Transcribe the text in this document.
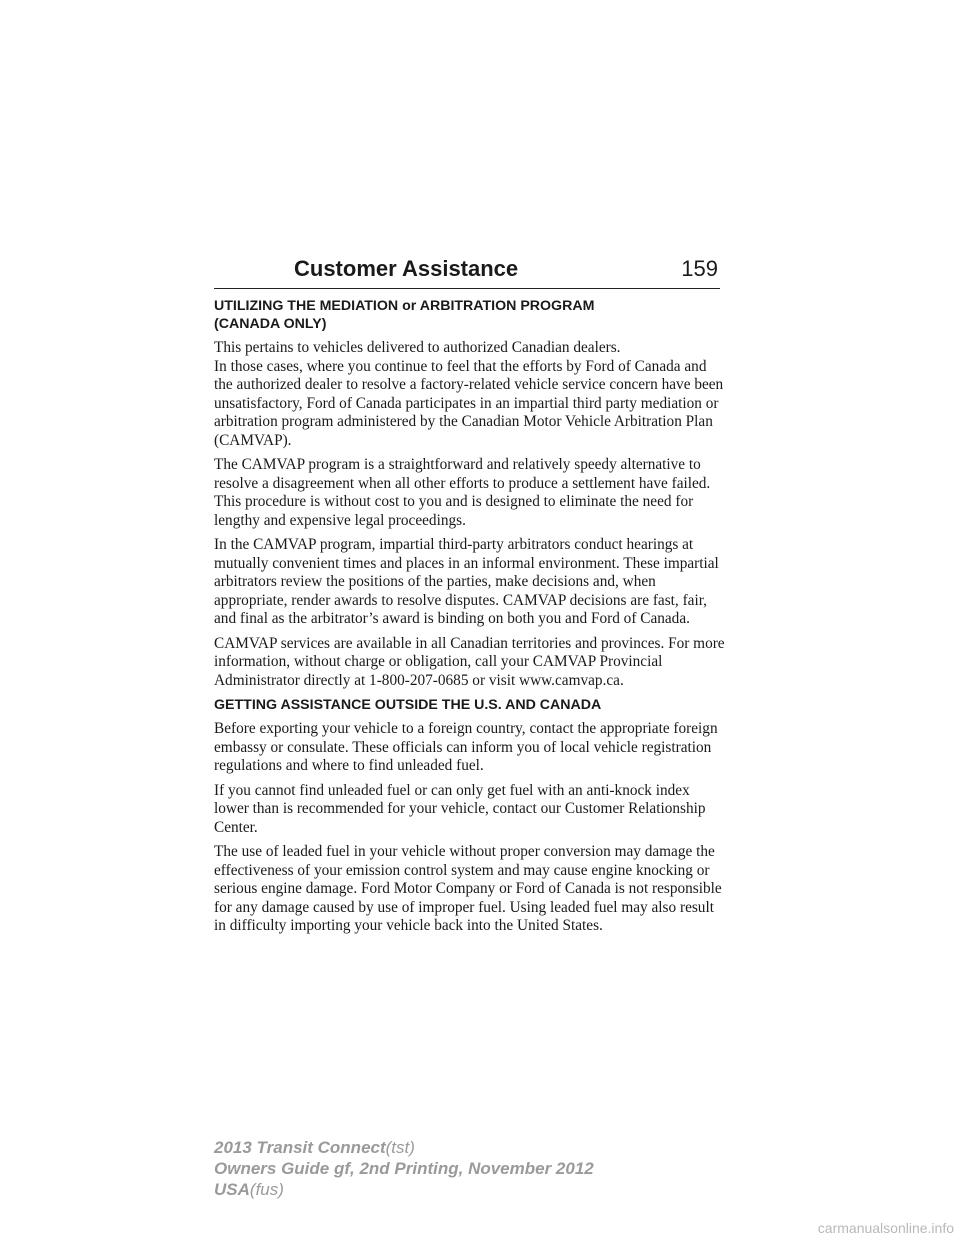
Customer Assistance	159
UTILIZING THE MEDIATION or ARBITRATION PROGRAM
(CANADA ONLY)

This pertains to vehicles delivered to authorized Canadian dealers.

In those cases, where you continue to feel that the efforts by Ford of Canada and the authorized dealer to resolve a factory-related vehicle service concern have been unsatisfactory, Ford of Canada participates in an impartial third party mediation or arbitration program administered by the Canadian Motor Vehicle Arbitration Plan (CAMVAP).

The CAMVAP program is a straightforward and relatively speedy alternative to resolve a disagreement when all other efforts to produce a settlement have failed. This procedure is without cost to you and is designed to eliminate the need for lengthy and expensive legal proceedings.

In the CAMVAP program, impartial third-party arbitrators conduct hearings at mutually convenient times and places in an informal environment. These impartial arbitrators review the positions of the parties, make decisions and, when appropriate, render awards to resolve disputes. CAMVAP decisions are fast, fair, and final as the arbitrator’s award is binding on both you and Ford of Canada.

CAMVAP services are available in all Canadian territories and provinces. For more information, without charge or obligation, call your CAMVAP Provincial Administrator directly at 1-800-207-0685 or visit www.camvap.ca.

GETTING ASSISTANCE OUTSIDE THE U.S. AND CANADA

Before exporting your vehicle to a foreign country, contact the appropriate foreign embassy or consulate. These officials can inform you of local vehicle registration regulations and where to find unleaded fuel.

If you cannot find unleaded fuel or can only get fuel with an anti-knock index lower than is recommended for your vehicle, contact our Customer Relationship Center.

The use of leaded fuel in your vehicle without proper conversion may damage the effectiveness of your emission control system and may cause engine knocking or serious engine damage. Ford Motor Company or Ford of Canada is not responsible for any damage caused by use of improper fuel. Using leaded fuel may also result in difficulty importing your vehicle back into the United States.

2013 Transit Connect(tst)
Owners Guide gf, 2nd Printing, November 2012
USA(fus)
carmanualsonline.info
